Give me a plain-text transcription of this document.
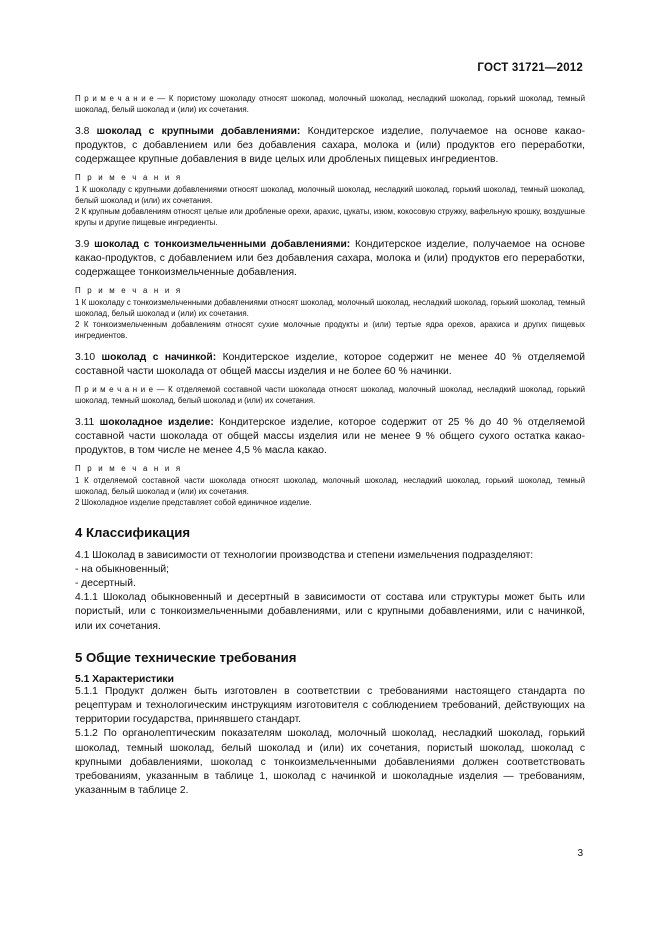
ГОСТ 31721—2012
П р и м е ч а н и е — К пористому шоколаду относят шоколад, молочный шоколад, несладкий шоколад, горький шоколад, темный шоколад, белый шоколад и (или) их сочетания.

3.8 шоколад с крупными добавлениями: Кондитерское изделие, получаемое на основе какао-продуктов, с добавлением или без добавления сахара, молока и (или) продуктов его переработки, содержащее крупные добавления в виде целых или дробленых пищевых ингредиентов.

П р и м е ч а н и я

1 К шоколаду с крупными добавлениями относят шоколад, молочный шоколад, несладкий шоколад, горький шоколад, темный шоколад, белый шоколад и (или) их сочетания.

2 К крупным добавлениям относят целые или дробленые орехи, арахис, цукаты, изюм, кокосовую стружку, вафельную крошку, воздушные крупы и другие пищевые ингредиенты.

3.9 шоколад с тонкоизмельченными добавлениями: Кондитерское изделие, получаемое на основе какао-продуктов, с добавлением или без добавления сахара, молока и (или) продуктов его переработки, содержащее тонкоизмельченные добавления.

П р и м е ч а н и я

1 К шоколаду с тонкоизмельченными добавлениями относят шоколад, молочный шоколад, несладкий шоколад, горький шоколад, темный шоколад, белый шоколад и (или) их сочетания.

2 К тонкоизмельченным добавлениям относят сухие молочные продукты и (или) тертые ядра орехов, арахиса и других пищевых ингредиентов.

3.10 шоколад с начинкой: Кондитерское изделие, которое содержит не менее 40 % отделяемой составной части шоколада от общей массы изделия и не более 60 % начинки.

П р и м е ч а н и е — К отделяемой составной части шоколада относят шоколад, молочный шоколад, несладкий шоколад, горький шоколад, темный шоколад, белый шоколад и (или) их сочетания.

3.11 шоколадное изделие: Кондитерское изделие, которое содержит от 25 % до 40 % отделяемой составной части шоколада от общей массы изделия или не менее 9 % общего сухого остатка какао-продуктов, в том числе не менее 4,5 % масла какао.

П р и м е ч а н и я

1 К отделяемой составной части шоколада относят шоколад, молочный шоколад, несладкий шоколад, горький шоколад, темный шоколад, белый шоколад и (или) их сочетания.

2 Шоколадное изделие представляет собой единичное изделие.

4 Классификация

4.1 Шоколад в зависимости от технологии производства и степени измельчения подразделяют:

- на обыкновенный;

- десертный.

4.1.1 Шоколад обыкновенный и десертный в зависимости от состава или структуры может быть или пористый, или с тонкоизмельченными добавлениями, или с крупными добавлениями, или с начинкой, или их сочетания.

5 Общие технические требования

5.1 Характеристики

5.1.1 Продукт должен быть изготовлен в соответствии с требованиями настоящего стандарта по рецептурам и технологическим инструкциям изготовителя с соблюдением требований, действующих на территории государства, принявшего стандарт.

5.1.2 По органолептическим показателям шоколад, молочный шоколад, несладкий шоколад, горький шоколад, темный шоколад, белый шоколад и (или) их сочетания, пористый шоколад, шоколад с крупными добавлениями, шоколад с тонкоизмельченными добавлениями должен соответствовать требованиям, указанным в таблице 1, шоколад с начинкой и шоколадные изделия — требованиям, указанным в таблице 2.

3
